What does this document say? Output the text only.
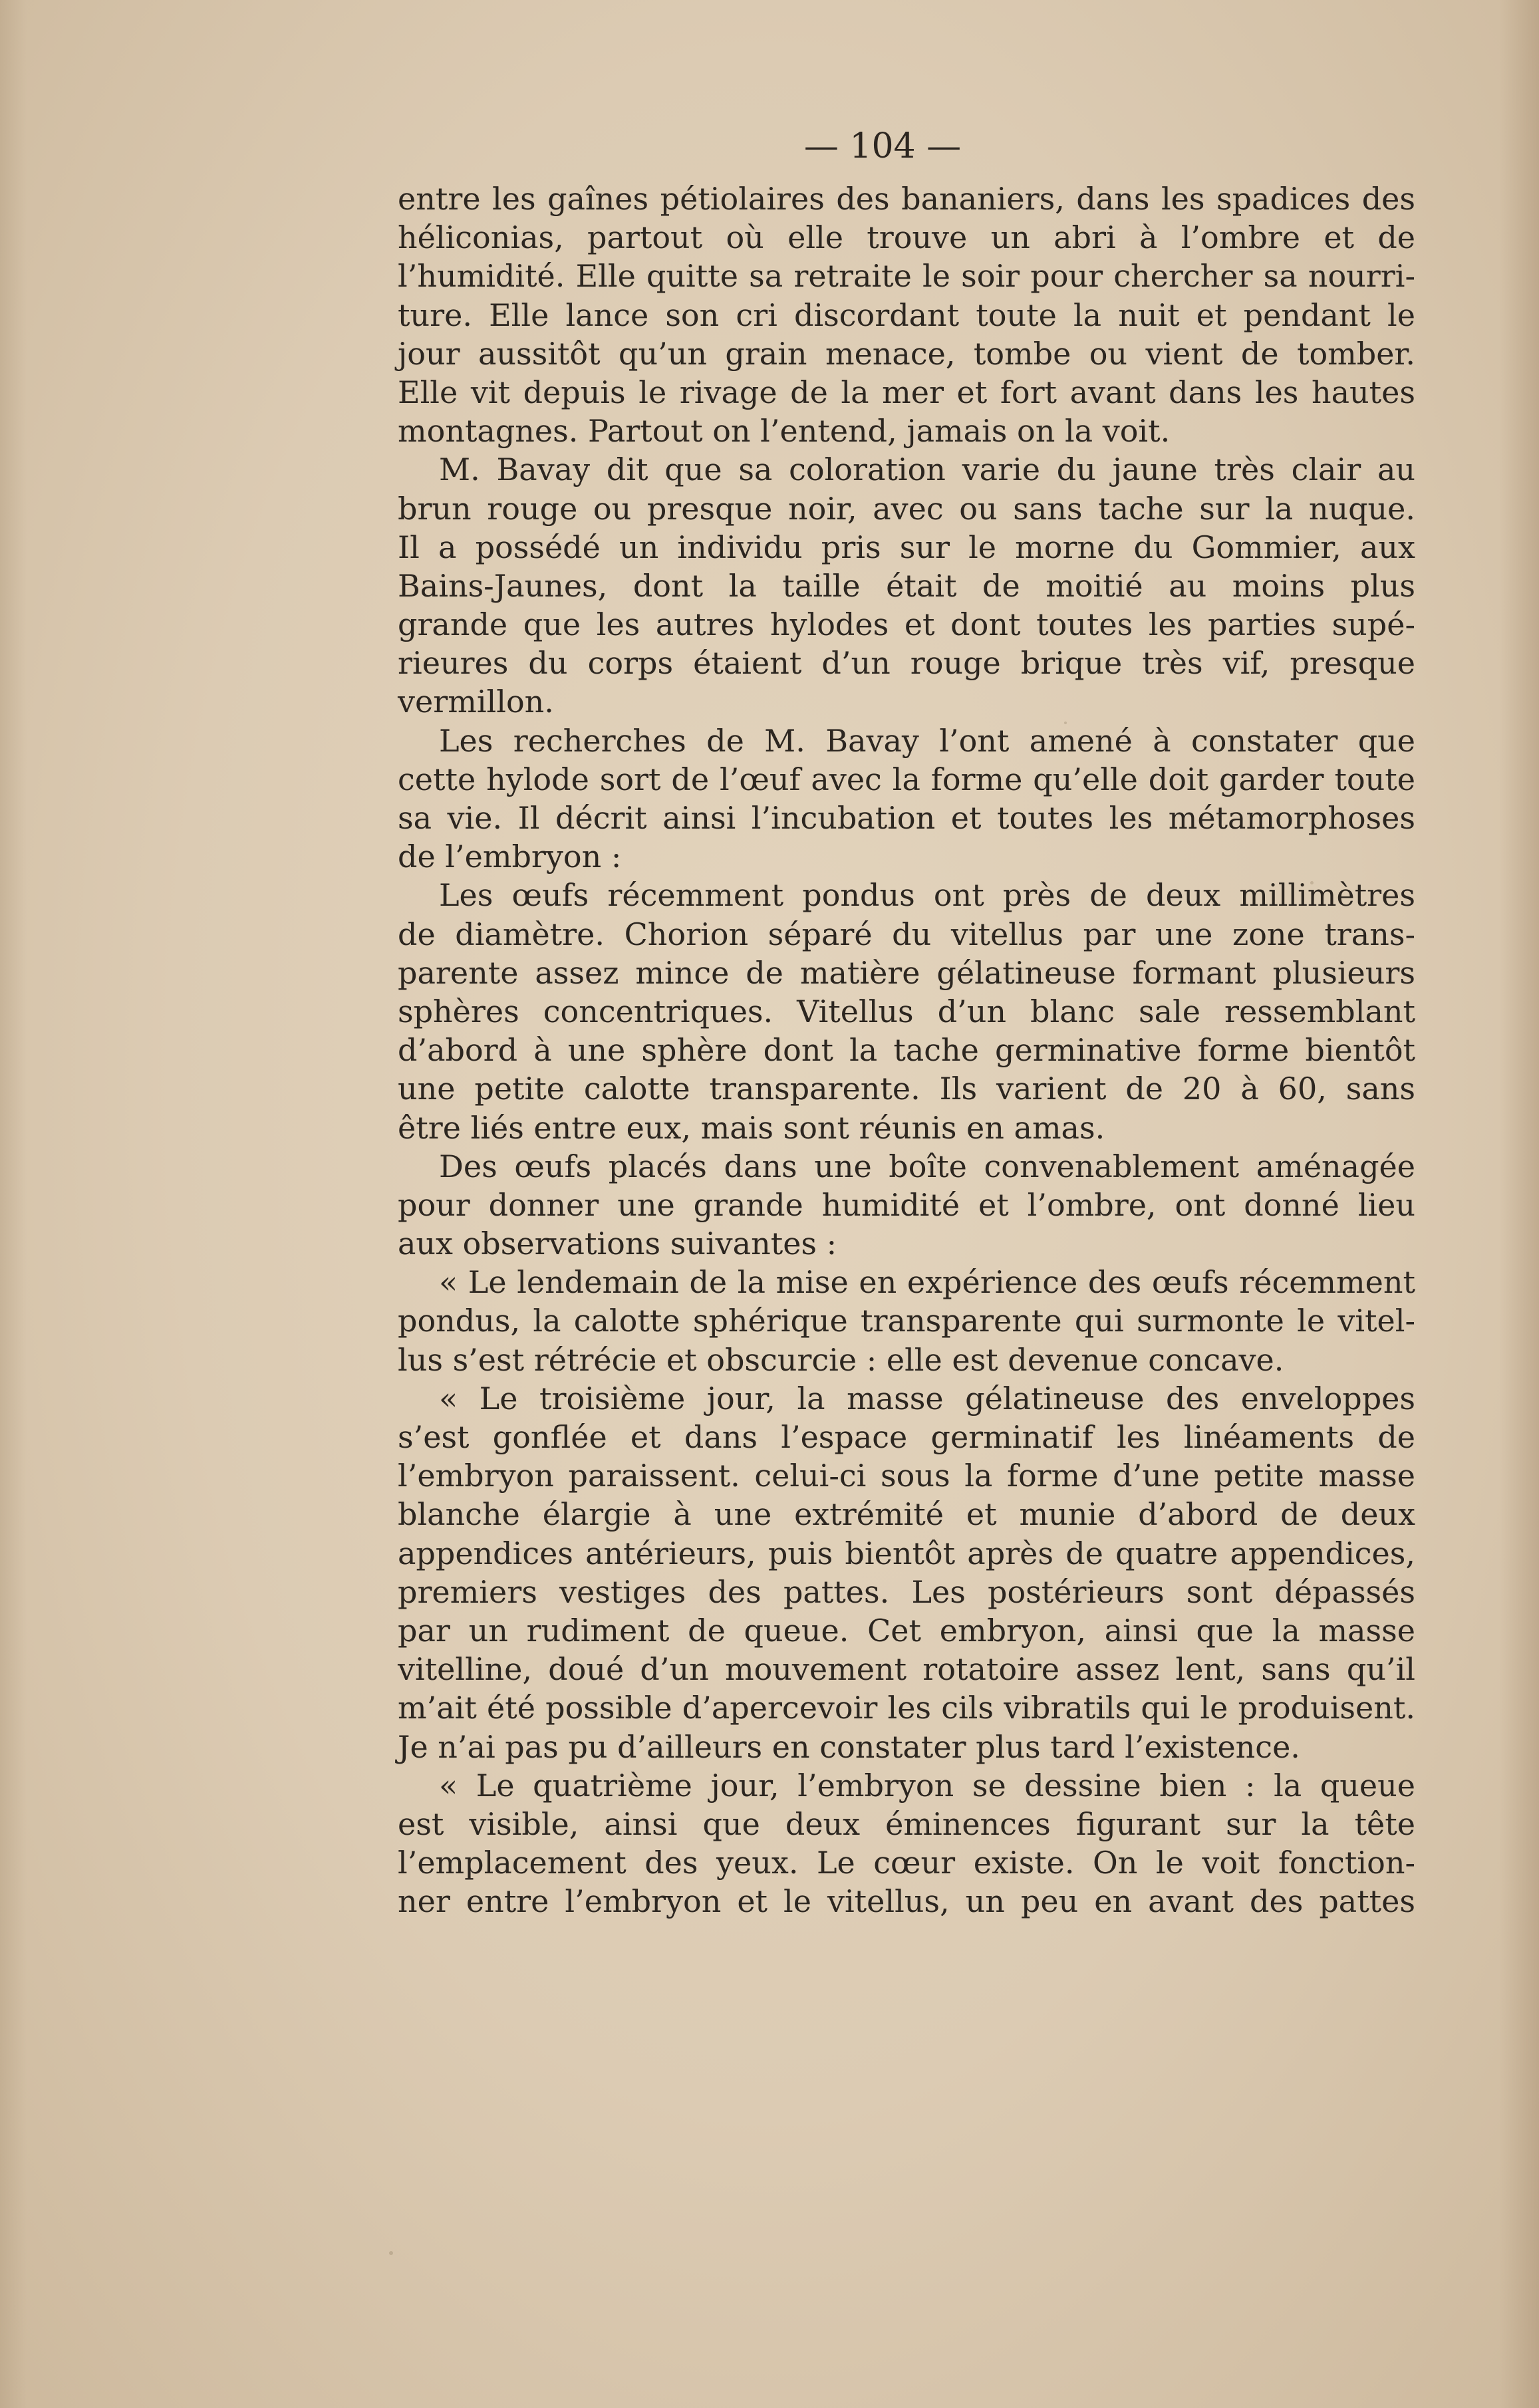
— 104 —
entre les gaînes pétiolaires des bananiers, dans les spadices des
héliconias, partout où elle trouve un abri à l’ombre et de
l’humidité. Elle quitte sa retraite le soir pour chercher sa nourri-
ture. Elle lance son cri discordant toute la nuit et pendant le
jour aussitôt qu’un grain menace, tombe ou vient de tomber.
Elle vit depuis le rivage de la mer et fort avant dans les hautes
montagnes. Partout on l’entend, jamais on la voit.
M. Bavay dit que sa coloration varie du jaune très clair au
brun rouge ou presque noir, avec ou sans tache sur la nuque.
Il a possédé un individu pris sur le morne du Gommier, aux
Bains-Jaunes, dont la taille était de moitié au moins plus
grande que les autres hylodes et dont toutes les parties supé-
rieures du corps étaient d’un rouge brique très vif, presque
vermillon.
Les recherches de M. Bavay l’ont amené à constater que
cette hylode sort de l’œuf avec la forme qu’elle doit garder toute
sa vie. Il décrit ainsi l’incubation et toutes les métamorphoses
de l’embryon :
Les œufs récemment pondus ont près de deux millimètres
de diamètre. Chorion séparé du vitellus par une zone trans-
parente assez mince de matière gélatineuse formant plusieurs
sphères concentriques. Vitellus d’un blanc sale ressemblant
d’abord à une sphère dont la tache germinative forme bientôt
une petite calotte transparente. Ils varient de 20 à 60, sans
être liés entre eux, mais sont réunis en amas.
Des œufs placés dans une boîte convenablement aménagée
pour donner une grande humidité et l’ombre, ont donné lieu
aux observations suivantes :
« Le lendemain de la mise en expérience des œufs récemment
pondus, la calotte sphérique transparente qui surmonte le vitel-
lus s’est rétrécie et obscurcie : elle est devenue concave.
« Le troisième jour, la masse gélatineuse des enveloppes
s’est gonflée et dans l’espace germinatif les linéaments de
l’embryon paraissent. celui-ci sous la forme d’une petite masse
blanche élargie à une extrémité et munie d’abord de deux
appendices antérieurs, puis bientôt après de quatre appendices,
premiers vestiges des pattes. Les postérieurs sont dépassés
par un rudiment de queue. Cet embryon, ainsi que la masse
vitelline, doué d’un mouvement rotatoire assez lent, sans qu’il
m’ait été possible d’apercevoir les cils vibratils qui le produisent.
Je n’ai pas pu d’ailleurs en constater plus tard l’existence.
« Le quatrième jour, l’embryon se dessine bien : la queue
est visible, ainsi que deux éminences figurant sur la tête
l’emplacement des yeux. Le cœur existe. On le voit fonction-
ner entre l’embryon et le vitellus, un peu en avant des pattes
